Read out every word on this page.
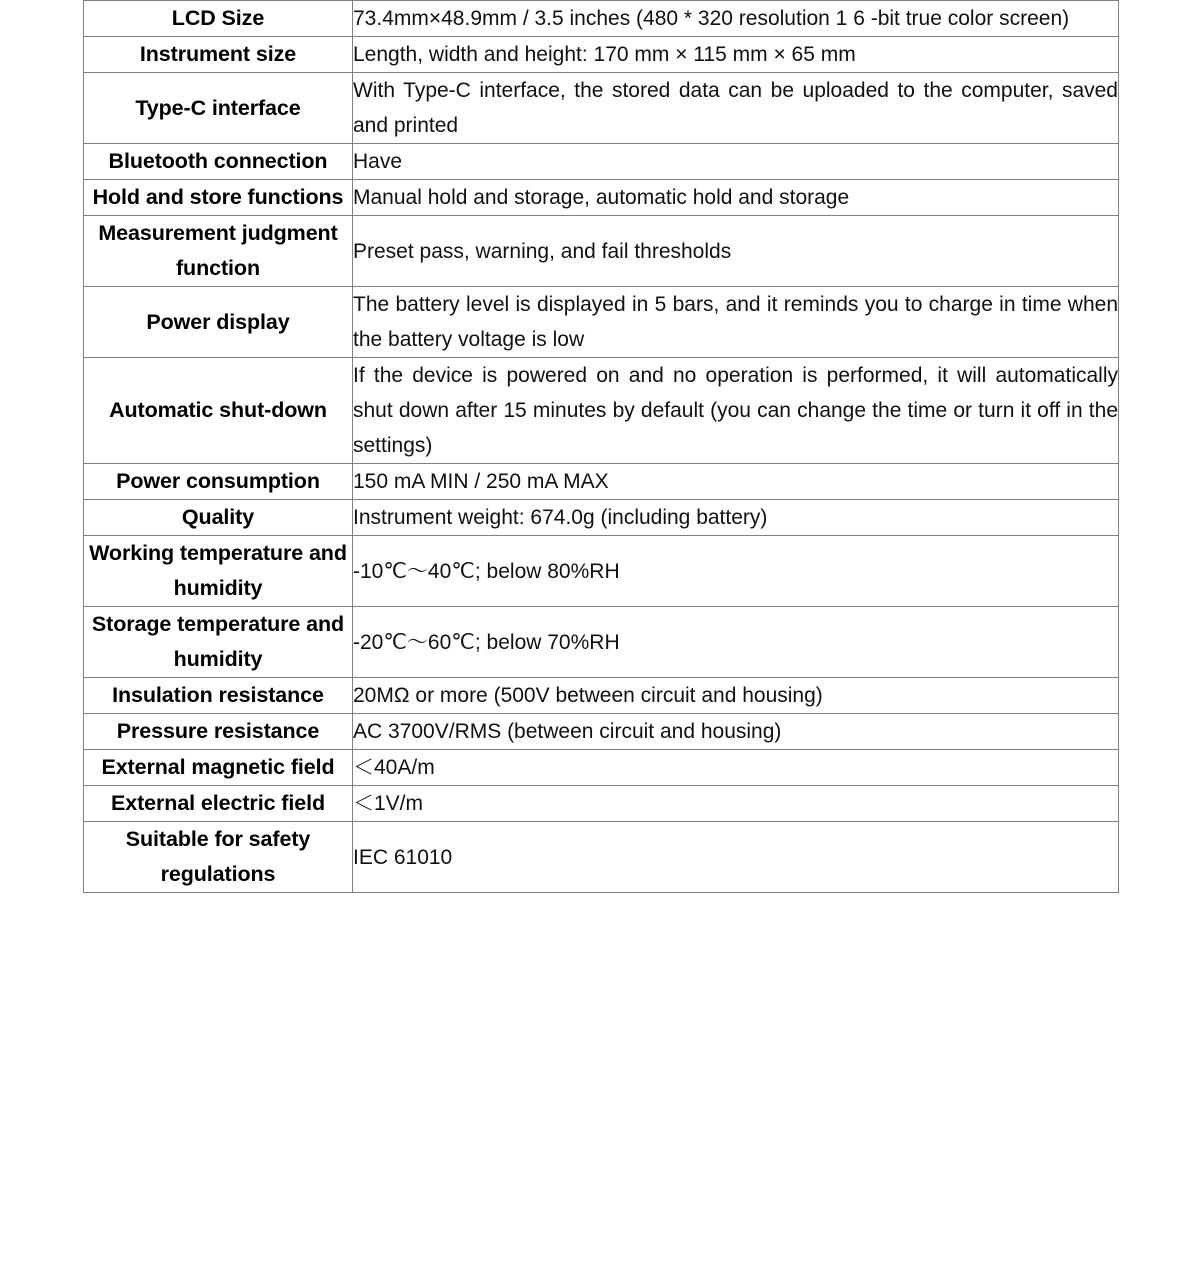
LCD Size	73.4mm×48.9mm / 3.5 inches (480 * 320 resolution 1 6 -bit true color screen)

Instrument size	Length, width and height: 170 mm × 115 mm × 65 mm

Type-C interface	With Type-C interface, the stored data can be uploaded to the computer, saved and printed

Bluetooth connection	Have

Hold and store functions	Manual hold and storage, automatic hold and storage

Measurement judgment function	Preset pass, warning, and fail thresholds

Power display	The battery level is displayed in 5 bars, and it reminds you to charge in time when the battery voltage is low

Automatic shut-down	If the device is powered on and no operation is performed, it will automatically shut down after 15 minutes by default (you can change the time or turn it off in the settings)

Power consumption	150 mA MIN / 250 mA MAX

Quality	Instrument weight: 674.0g (including battery)

Working temperature and humidity	-10℃～40℃; below 80%RH

Storage temperature and humidity	-20℃～60℃; below 70%RH

Insulation resistance	20MΩ or more (500V between circuit and housing)

Pressure resistance	AC 3700V/RMS (between circuit and housing)

External magnetic field	＜40A/m

External electric field	＜1V/m

Suitable for safety regulations	IEC 61010
